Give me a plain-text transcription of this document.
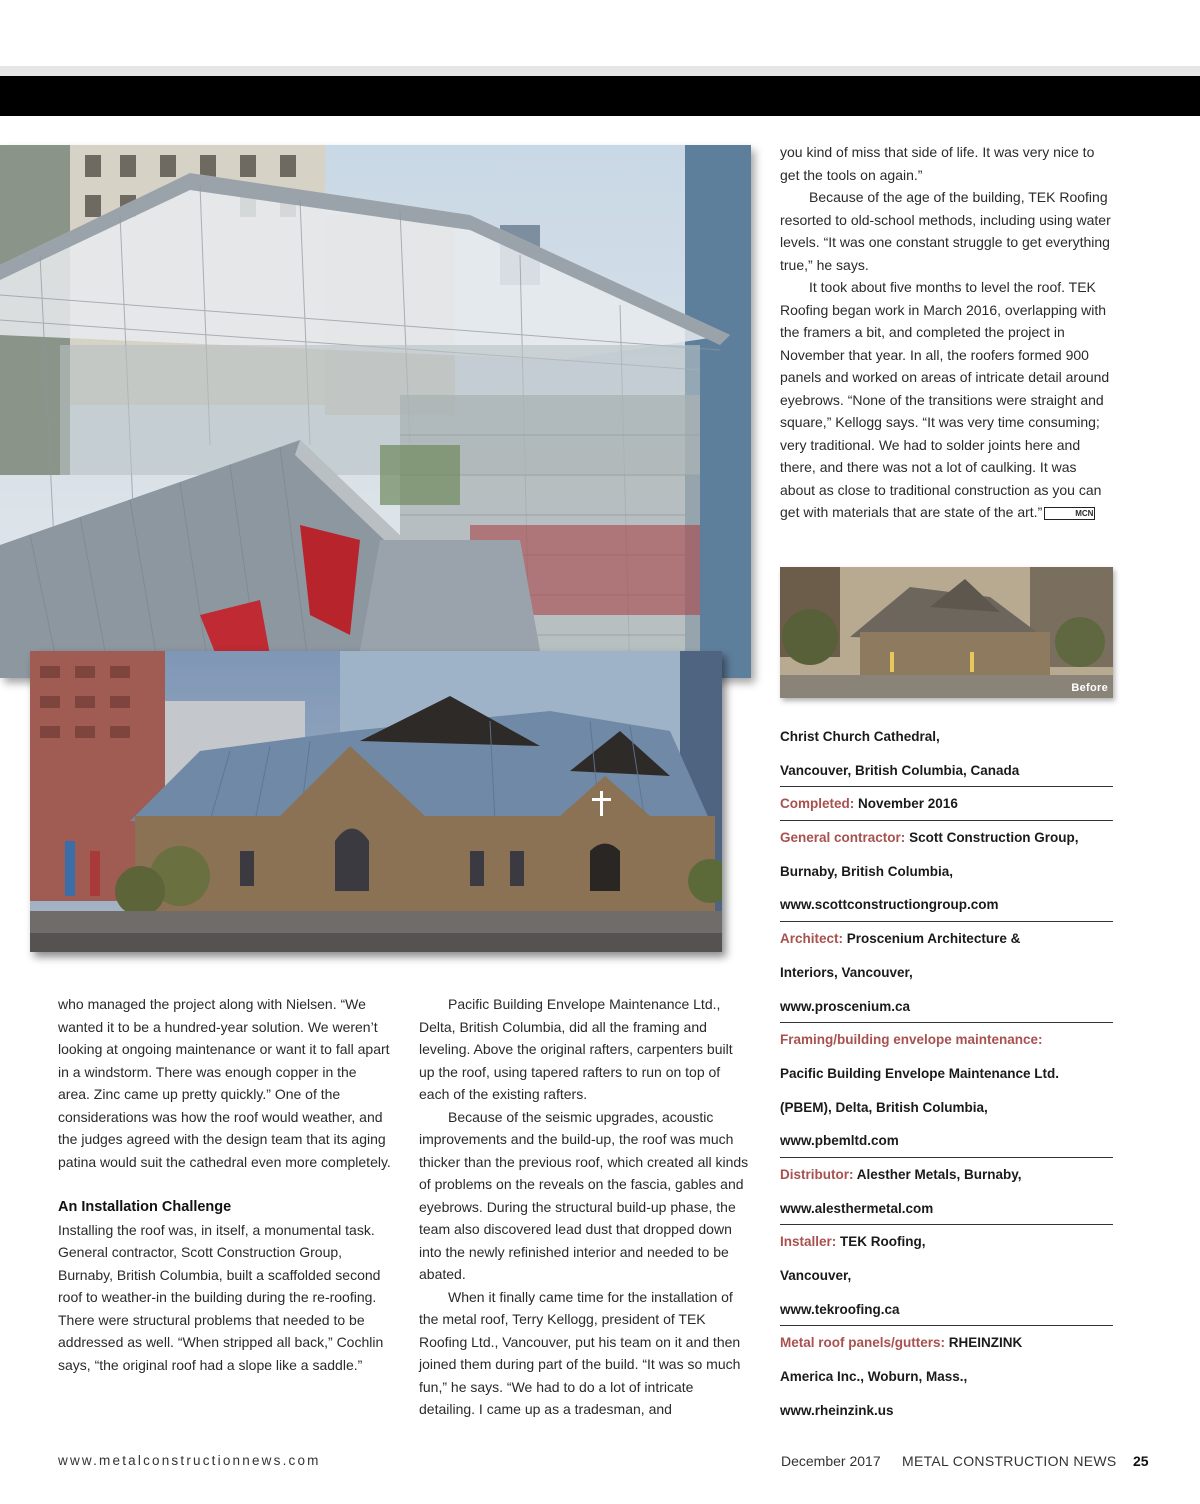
Before

you kind of miss that side of life. It was very nice to get the tools on again.”

Because of the age of the building, TEK Roofing resorted to old-school methods, including using water levels. “It was one constant struggle to get everything true,” he says.

It took about five months to level the roof. TEK Roofing began work in March 2016, overlapping with the framers a bit, and completed the project in November that year. In all, the roofers formed 900 panels and worked on areas of intricate detail around eyebrows. “None of the transitions were straight and square,” Kellogg says. “It was very time consuming; very traditional. We had to solder joints here and there, and there was not a lot of caulking. It was about as close to traditional construction as you can get with materials that are state of the art.”	MCN

Christ Church Cathedral,
Vancouver, British Columbia, Canada
Completed: November 2016
General contractor: Scott Construction Group,
Burnaby, British Columbia,
www.scottconstructiongroup.com
Architect: Proscenium Architecture &
Interiors, Vancouver,
www.proscenium.ca
Framing/building envelope maintenance:
Pacific Building Envelope Maintenance Ltd.
(PBEM), Delta, British Columbia,
www.pbemltd.com
Distributor: Alesther Metals, Burnaby,
www.alesthermetal.com
Installer: TEK Roofing,
Vancouver,
www.tekroofing.ca
Metal roof panels/gutters: RHEINZINK
America Inc., Woburn, Mass.,
www.rheinzink.us

who managed the project along with Nielsen. “We wanted it to be a hundred-year solution. We weren’t looking at ongoing maintenance or want it to fall apart in a windstorm. There was enough copper in the area. Zinc came up pretty quickly.” One of the considerations was how the roof would weather, and the judges agreed with the design team that its aging patina would suit the cathedral even more completely.

An Installation Challenge

Installing the roof was, in itself, a monumental task. General contractor, Scott Construction Group, Burnaby, British Columbia, built a scaffolded second roof to weather-in the building during the re-roofing. There were structural problems that needed to be addressed as well. “When stripped all back,” Cochlin says, “the original roof had a slope like a saddle.”

Pacific Building Envelope Maintenance Ltd., Delta, British Columbia, did all the framing and leveling. Above the original rafters, carpenters built up the roof, using tapered rafters to run on top of each of the existing rafters.

Because of the seismic upgrades, acoustic improvements and the build-up, the roof was much thicker than the previous roof, which created all kinds of problems on the reveals on the fascia, gables and eyebrows. During the structural build-up phase, the team also discovered lead dust that dropped down into the newly refinished interior and needed to be abated.

When it finally came time for the installation of the metal roof, Terry Kellogg, president of TEK Roofing Ltd., Vancouver, put his team on it and then joined them during part of the build. “It was so much fun,” he says. “We had to do a lot of intricate detailing. I came up as a tradesman, and

www.metalconstructionnews.com	December 2017 METAL CONSTRUCTION NEWS 25
